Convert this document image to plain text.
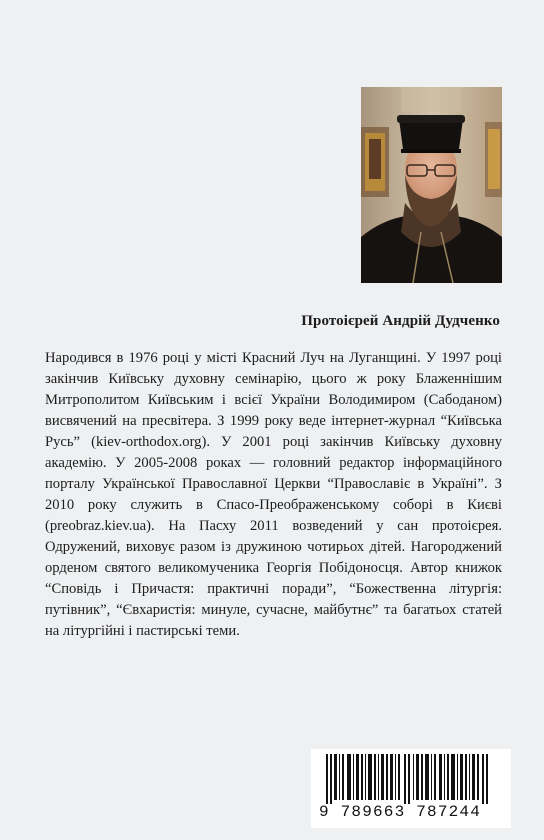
Протоієрей Андрій Дудченко

Народився в 1976 році у місті Красний Луч на Луганщині. У 1997 році закінчив Київську духовну семінарію, цього ж року Блаженнішим Митрополитом Київським і всієї України Володимиром (Сабоданом) висвячений на пресвітера. З 1999 року веде інтернет-журнал “Київська Русь” (kiev-orthodox.org). У 2001 році закінчив Київську духовну академію. У 2005-2008 роках — головний редактор інформаційного порталу Української Православної Церкви “Православіє в Україні”. З 2010 року служить в Спасо-Преображенському соборі в Києві (preobraz.kiev.ua). На Пасху 2011 возведений у сан протоієрея. Одружений, виховує разом із дружиною чотирьох дітей. Нагороджений орденом святого великомученика Георгія Побідоносця. Автор книжок “Сповідь і Причастя: практичні поради”, “Божественна літургія: путівник”, “Євхаристія: минуле, сучасне, майбутнє” та багатьох статей на літургійні і пастирські теми.

9 789663 787244
